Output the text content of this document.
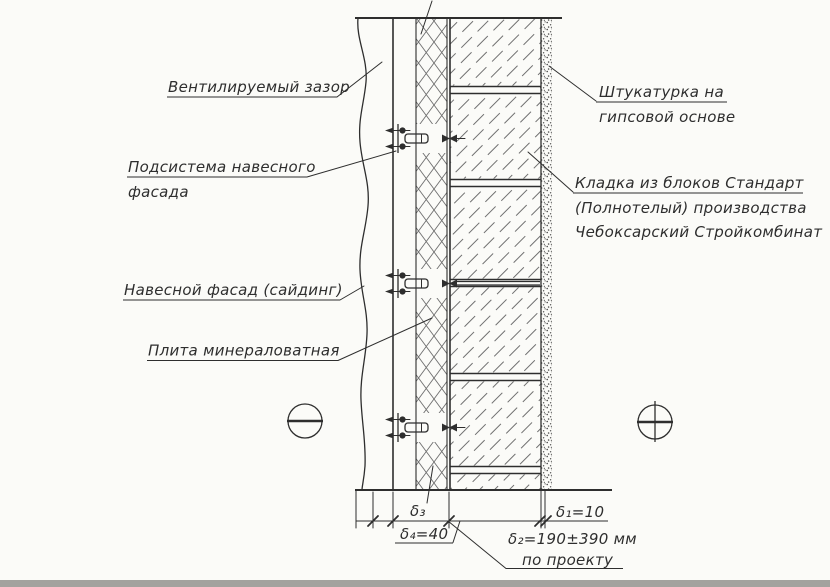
Вентилируемый зазор
Подсистема навесного
фасада
Навесной фасад (сайдинг)
Плита минераловатная
Штукатурка на
гипсовой основе
Кладка из блоков Стандарт
(Полнотелый) производства
Чебоксарский Стройкомбинат
δ₃
δ₄=40
δ₁=10
δ₂=190±390 мм
по проекту
